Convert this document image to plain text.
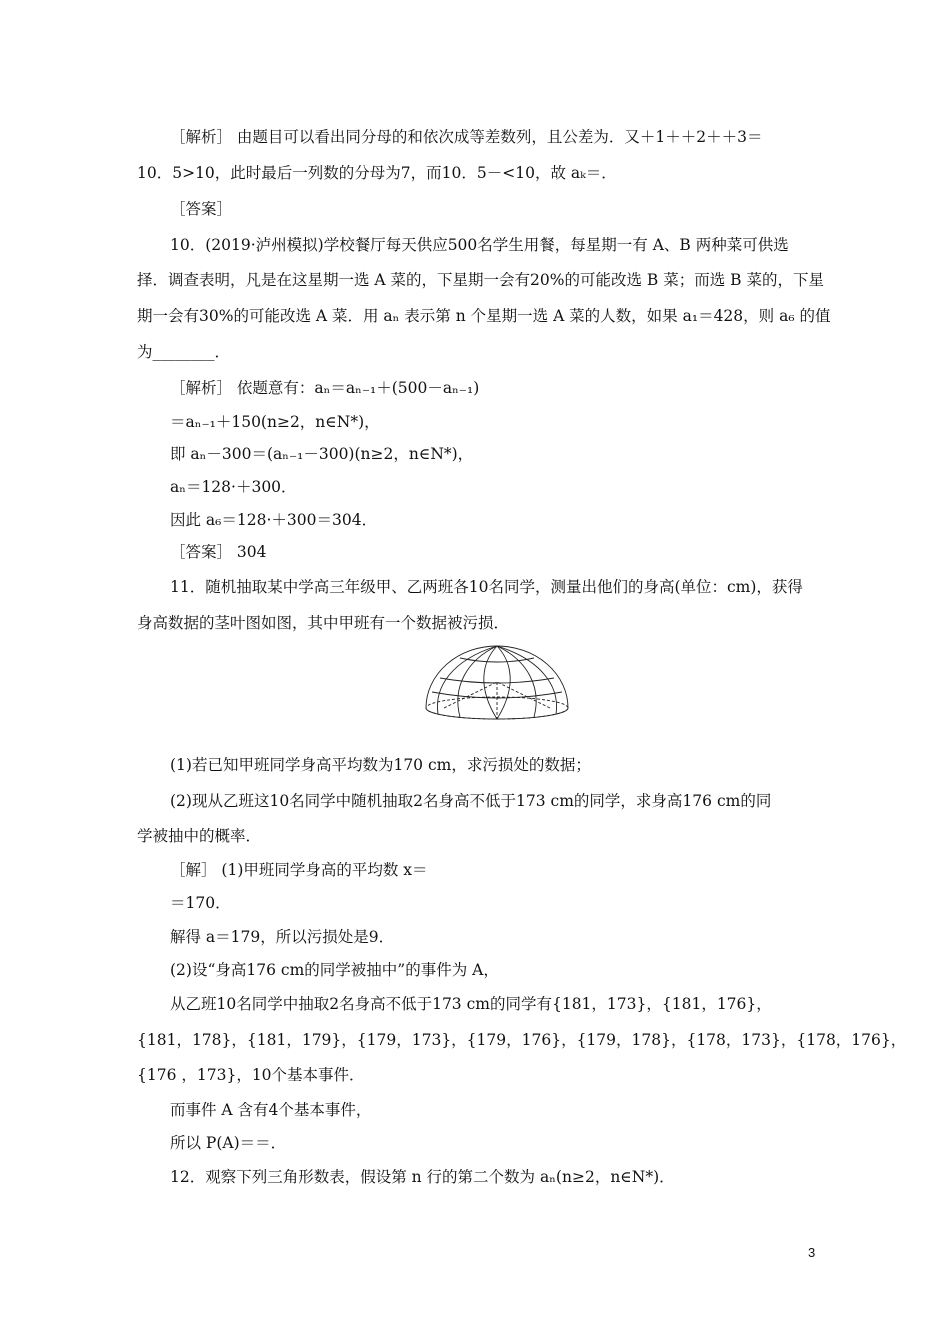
［解析］ 由题目可以看出同分母的和依次成等差数列，且公差为．又＋1＋＋2＋＋3＝
10．5>10，此时最后一列数的分母为7，而10．5－<10，故 aₖ＝．
［答案］
10．(2019·泸州模拟)学校餐厅每天供应500名学生用餐，每星期一有 A、B 两种菜可供选
择．调查表明，凡是在这星期一选 A 菜的，下星期一会有20%的可能改选 B 菜；而选 B 菜的，下星
期一会有30%的可能改选 A 菜．用 aₙ 表示第 n 个星期一选 A 菜的人数，如果 a₁＝428，则 a₆ 的值
为________．
［解析］ 依题意有：aₙ＝aₙ₋₁＋(500－aₙ₋₁)
＝aₙ₋₁＋150(n≥2，n∈N*)，
即 aₙ－300＝(aₙ₋₁－300)(n≥2，n∈N*)，
aₙ＝128·＋300．
因此 a₆＝128·＋300＝304．
［答案］ 304
11．随机抽取某中学高三年级甲、乙两班各10名同学，测量出他们的身高(单位：cm)，获得
身高数据的茎叶图如图，其中甲班有一个数据被污损．
(1)若已知甲班同学身高平均数为170 cm，求污损处的数据；
(2)现从乙班这10名同学中随机抽取2名身高不低于173 cm的同学，求身高176 cm的同
学被抽中的概率．
［解］ (1)甲班同学身高的平均数 x＝
＝170．
解得 a＝179，所以污损处是9．
(2)设“身高176 cm的同学被抽中”的事件为 A，
从乙班10名同学中抽取2名身高不低于173 cm的同学有{181，173}，{181，176}，
{181，178}，{181，179}，{179，173}，{179，176}，{179，178}，{178，173}，{178，176}，
{176 ，173}，10个基本事件．
而事件 A 含有4个基本事件，
所以 P(A)＝＝．
12．观察下列三角形数表，假设第 n 行的第二个数为 aₙ(n≥2，n∈N*)．
3
